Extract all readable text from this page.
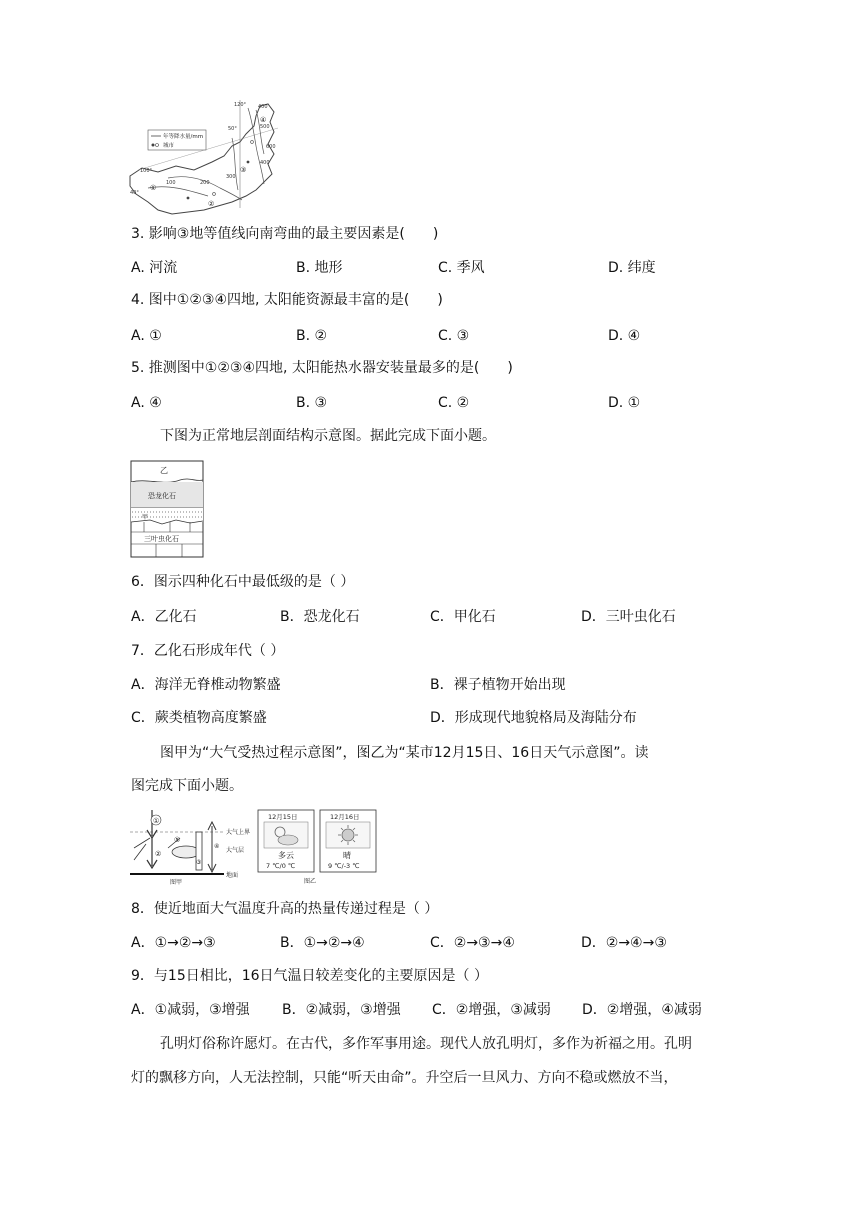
年等降水量/mm
城市
120°
50°
100°
40°
400
500
600
300
200
100
400
①
②
③
④
3. 影响③地等值线向南弯曲的最主要因素是(　　)
A. 河流	B. 地形	C. 季风	D. 纬度
4. 图中①②③④四地, 太阳能资源最丰富的是(　　)
A. ①	B. ②	C. ③	D. ④
5. 推测图中①②③④四地, 太阳能热水器安装量最多的是(　　)
A. ④	B. ③	C. ②	D. ①
下图为正常地层剖面结构示意图。据此完成下面小题。
乙
恐龙化石
甲
三叶虫化石
6．图示四种化石中最低级的是（ ）
A．乙化石	B．恐龙化石	C．甲化石	D．三叶虫化石
7．乙化石形成年代（ ）
A．海洋无脊椎动物繁盛	B．裸子植物开始出现
C．蕨类植物高度繁盛	D．形成现代地貌格局及海陆分布
图甲为“大气受热过程示意图”，图乙为“某市12月15日、16日天气示意图”。读
图完成下面小题。
大气上界
大气层
地面
①
②
⑤
③
④
图甲
12月15日
多云
7 ℃/0 ℃
12月16日
晴
9 ℃/-3 ℃
图乙
8．使近地面大气温度升高的热量传递过程是（ ）
A．①→②→③	B．①→②→④	C．②→③→④	D．②→④→③
9．与15日相比，16日气温日较差变化的主要原因是（ ）
A．①减弱，③增强 B．②减弱，③增强 C．②增强，③减弱 D．②增强，④减弱
孔明灯俗称许愿灯。在古代，多作军事用途。现代人放孔明灯，多作为祈福之用。孔明
灯的飘移方向，人无法控制，只能“听天由命”。升空后一旦风力、方向不稳或燃放不当，
